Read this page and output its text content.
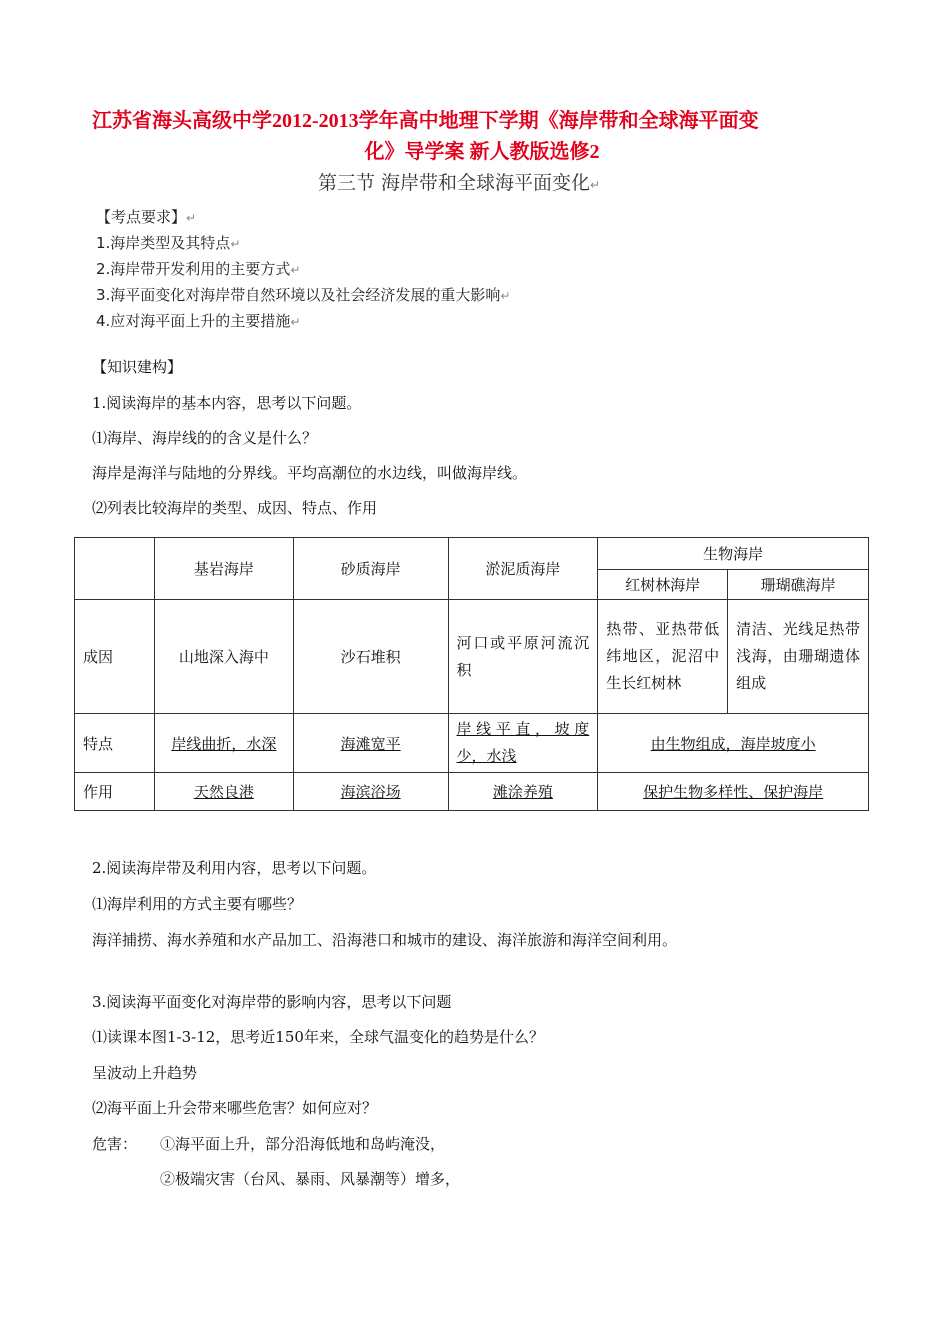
江苏省海头高级中学2012-2013学年高中地理下学期《海岸带和全球海平面变
化》导学案 新人教版选修2
第三节 海岸带和全球海平面变化↵
【考点要求】↵
1.海岸类型及其特点↵
2.海岸带开发利用的主要方式↵
3.海平面变化对海岸带自然环境以及社会经济发展的重大影响↵
4.应对海平面上升的主要措施↵
【知识建构】
1.阅读海岸的基本内容，思考以下问题。
⑴海岸、海岸线的的含义是什么？
海岸是海洋与陆地的分界线。平均高潮位的水边线，叫做海岸线。
⑵列表比较海岸的类型、成因、特点、作用
	基岩海岸	砂质海岸	淤泥质海岸	生物海岸	
				红树林海岸	珊瑚礁海岸
成因	山地深入海中	沙石堆积	河口或平原河流沉积	热带、亚热带低纬地区，泥沼中生长红树林	清洁、光线足热带浅海，由珊瑚遗体组成
特点	岸线曲折，水深	海滩宽平	岸线平直，坡度少，水浅	由生物组成，海岸坡度小	
作用	天然良港	海滨浴场	滩涂养殖	保护生物多样性、保护海岸	
2.阅读海岸带及利用内容，思考以下问题。
⑴海岸利用的方式主要有哪些？
海洋捕捞、海水养殖和水产品加工、沿海港口和城市的建设、海洋旅游和海洋空间利用。
3.阅读海平面变化对海岸带的影响内容，思考以下问题
⑴读课本图1-3-12，思考近150年来，全球气温变化的趋势是什么？
呈波动上升趋势
⑵海平面上升会带来哪些危害？如何应对？
危害： ①海平面上升，部分沿海低地和岛屿淹没，
②极端灾害（台风、暴雨、风暴潮等）增多，
